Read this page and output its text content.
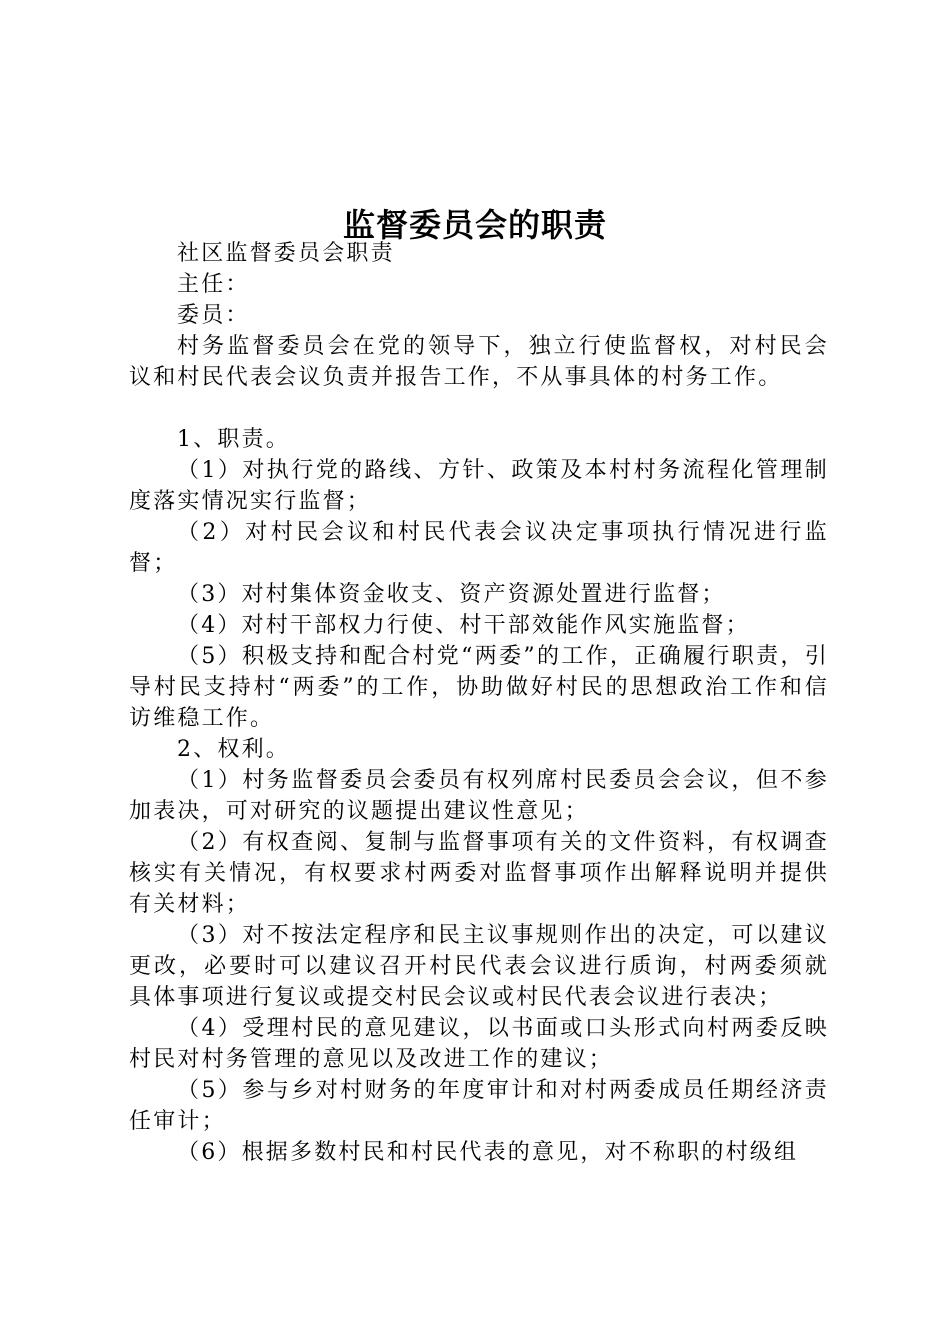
监督委员会的职责

社区监督委员会职责

主任：

委员：

村务监督委员会在党的领导下，独立行使监督权，对村民会议和村民代表会议负责并报告工作，不从事具体的村务工作。

1、职责。

（1）对执行党的路线、方针、政策及本村村务流程化管理制度落实情况实行监督；

（2）对村民会议和村民代表会议决定事项执行情况进行监督；

（3）对村集体资金收支、资产资源处置进行监督；

（4）对村干部权力行使、村干部效能作风实施监督；

（5）积极支持和配合村党“两委”的工作，正确履行职责，引导村民支持村“两委”的工作，协助做好村民的思想政治工作和信访维稳工作。

2、权利。

（1）村务监督委员会委员有权列席村民委员会会议，但不参加表决，可对研究的议题提出建议性意见；

（2）有权查阅、复制与监督事项有关的文件资料，有权调查核实有关情况，有权要求村两委对监督事项作出解释说明并提供有关材料；

（3）对不按法定程序和民主议事规则作出的决定，可以建议更改，必要时可以建议召开村民代表会议进行质询，村两委须就具体事项进行复议或提交村民会议或村民代表会议进行表决；

（4）受理村民的意见建议，以书面或口头形式向村两委反映村民对村务管理的意见以及改进工作的建议；

（5）参与乡对村财务的年度审计和对村两委成员任期经济责任审计；

（6）根据多数村民和村民代表的意见，对不称职的村级组
